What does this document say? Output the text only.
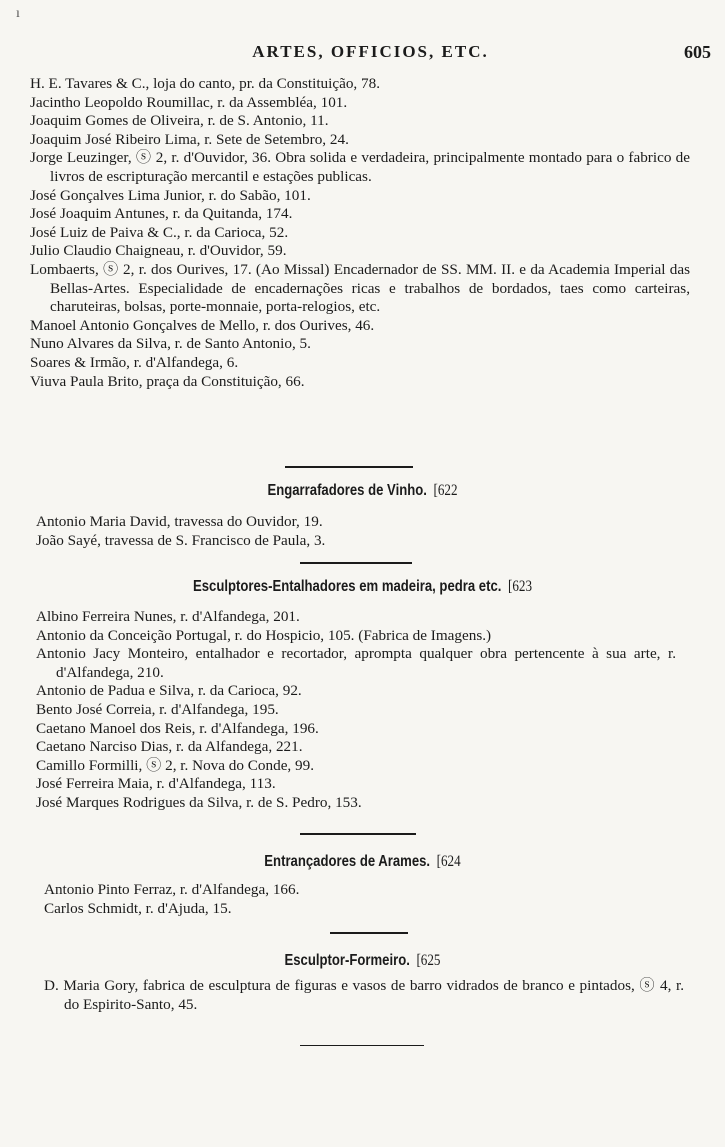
ı
ARTES, OFFICIOS, ETC.	605
H. E. Tavares & C., loja do canto, pr. da Constituição, 78.
Jacintho Leopoldo Roumillac, r. da Assembléa, 101.
Joaquim Gomes de Oliveira, r. de S. Antonio, 11.
Joaquim José Ribeiro Lima, r. Sete de Setembro, 24.
Jorge Leuzinger, ⓢ 2, r. d'Ouvidor, 36. Obra solida e verdadeira, principalmente montado para o fabrico de livros de escripturação mercantil e estações publicas.
José Gonçalves Lima Junior, r. do Sabão, 101.
José Joaquim Antunes, r. da Quitanda, 174.
José Luiz de Paiva & C., r. da Carioca, 52.
Julio Claudio Chaigneau, r. d'Ouvidor, 59.
Lombaerts, ⓢ 2, r. dos Ourives, 17. (Ao Missal) Encadernador de SS. MM. II. e da Academia Imperial das Bellas-Artes. Especialidade de encadernações ricas e trabalhos de bordados, taes como carteiras, charuteiras, bolsas, porte-monnaie, porta-relogios, etc.
Manoel Antonio Gonçalves de Mello, r. dos Ourives, 46.
Nuno Alvares da Silva, r. de Santo Antonio, 5.
Soares & Irmão, r. d'Alfandega, 6.
Viuva Paula Brito, praça da Constituição, 66.
Engarrafadores de Vinho. [622
Antonio Maria David, travessa do Ouvidor, 19.
João Sayé, travessa de S. Francisco de Paula, 3.
Esculptores-Entalhadores em madeira, pedra etc. [623
Albino Ferreira Nunes, r. d'Alfandega, 201.
Antonio da Conceição Portugal, r. do Hospicio, 105. (Fabrica de Imagens.)
Antonio Jacy Monteiro, entalhador e recortador, apromptа qualquer obra pertencente à sua arte, r. d'Alfandega, 210.
Antonio de Padua e Silva, r. da Carioca, 92.
Bento José Correia, r. d'Alfandega, 195.
Caetano Manoel dos Reis, r. d'Alfandega, 196.
Caetano Narciso Dias, r. da Alfandega, 221.
Camillo Formilli, ⓢ 2, r. Nova do Conde, 99.
José Ferreira Maia, r. d'Alfandega, 113.
José Marques Rodrigues da Silva, r. de S. Pedro, 153.
Entrançadores de Arames. [624
Antonio Pinto Ferraz, r. d'Alfandega, 166.
Carlos Schmidt, r. d'Ajuda, 15.
Esculptor-Formeiro. [625
D. Maria Gory, fabrica de esculptura de figuras e vasos de barro vidrados de branco e pintados, ⓢ 4, r. do Espirito-Santo, 45.
